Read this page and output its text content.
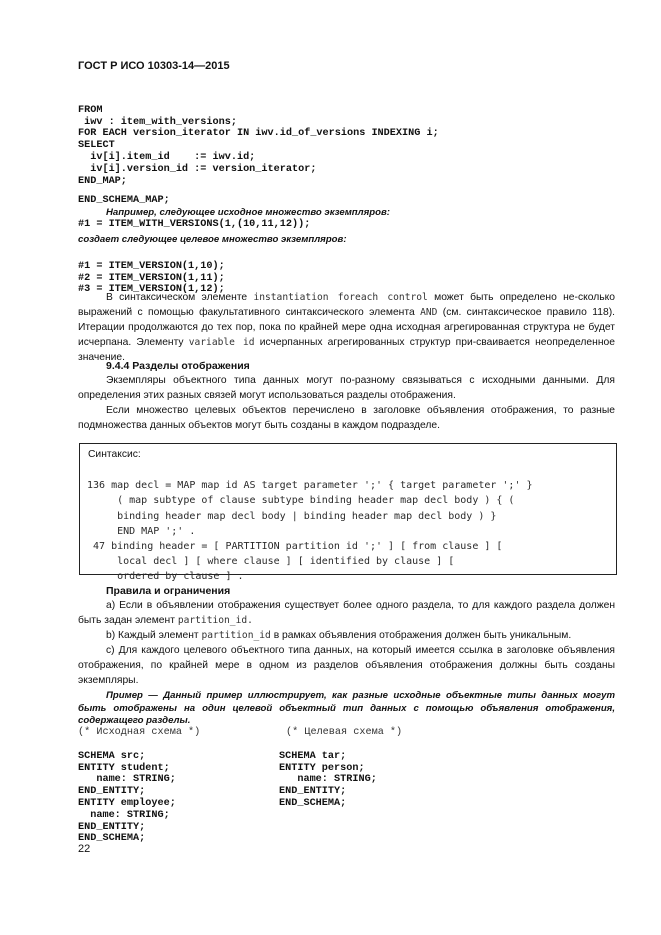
ГОСТ Р ИСО 10303-14—2015

FROM
iwv : item_with_versions;
FOR EACH version_iterator IN iwv.id_of_versions INDEXING i;
SELECT
iv[i].item_id    := iwv.id;
iv[i].version_id := version_iterator;
END_MAP;
END_SCHEMA_MAP;

Например, следующее исходное множество экземпляров:
#1 = ITEM_WITH_VERSIONS(1,(10,11,12));
создает следующее целевое множество экземпляров:

#1 = ITEM_VERSION(1,10);
#2 = ITEM_VERSION(1,11);
#3 = ITEM_VERSION(1,12);

В синтаксическом элементе instantiation foreach control может быть определено не-сколько выражений с помощью факультативного синтаксического элемента AND (см. синтаксическое правило 118). Итерации продолжаются до тех пор, пока по крайней мере одна исходная агрегированная структура не будет исчерпана. Элементу variable id исчерпанных агрегированных структур при-сваивается неопределенное значение.
9.4.4 Разделы отображения
Экземпляры объектного типа данных могут по-разному связываться с исходными данными. Для определения этих разных связей могут использоваться разделы отображения.
Если множество целевых объектов перечислено в заголовке объявления отображения, то разные подмножества данных объектов могут быть созданы в каждом подразделе.
Синтаксис:

136 map decl = MAP map id AS target parameter ';' { target parameter ';' }
( map subtype of clause subtype binding header map decl body ) { (
binding header map decl body | binding header map decl body ) }
END MAP ';' .
47 binding header = [ PARTITION partition id ';' ] [ from clause ] [
local decl ] [ where clause ] [ identified by clause ] [
ordered by clause ] .

Правила и ограничения
а) Если в объявлении отображения существует более одного раздела, то для каждого раздела должен быть задан элемент partition_id.
b) Каждый элемент partition_id в рамках объявления отображения должен быть уникальным.
с) Для каждого целевого объектного типа данных, на который имеется ссылка в заголовке объявления отображения, по крайней мере в одном из разделов объявления отображения должны быть созданы экземпляры.
Пример — Данный пример иллюстрирует, как разные исходные объектные типы данных могут быть отображены на один целевой объектный тип данных с помощью объявления отображения, содержащего разделы.
(* Исходная схема *)	(* Целевая схема *)

SCHEMA src;
ENTITY student;
name: STRING;
END_ENTITY;
ENTITY employee;
name: STRING;
END_ENTITY;
END_SCHEMA;

SCHEMA tar;
ENTITY person;
name: STRING;
END_ENTITY;
END_SCHEMA;

22
